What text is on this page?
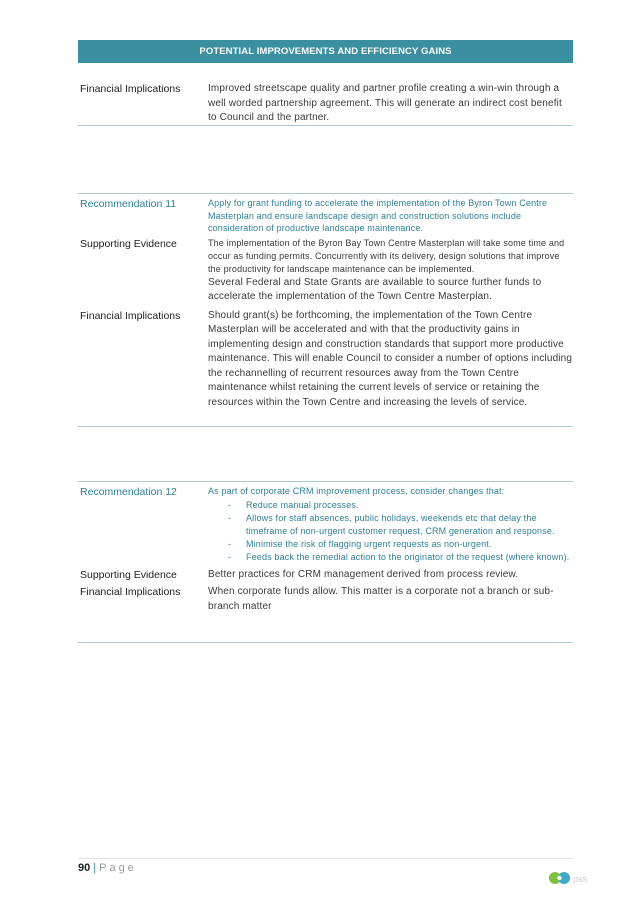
POTENTIAL IMPROVEMENTS AND EFFICIENCY GAINS
Financial Implications	Improved streetscape quality and partner profile creating a win-win through a well worded partnership agreement. This will generate an indirect cost benefit to Council and the partner.
Recommendation 11	Apply for grant funding to accelerate the implementation of the Byron Town Centre Masterplan and ensure landscape design and construction solutions include consideration of productive landscape maintenance.
Supporting Evidence	The implementation of the Byron Bay Town Centre Masterplan will take some time and occur as funding permits. Concurrently with its delivery, design solutions that improve the productivity for landscape maintenance can be implemented.
Several Federal and State Grants are available to source further funds to accelerate the implementation of the Town Centre Masterplan.
Financial Implications	Should grant(s) be forthcoming, the implementation of the Town Centre Masterplan will be accelerated and with that the productivity gains in implementing design and construction standards that support more productive maintenance. This will enable Council to consider a number of options including the rechannelling of recurrent resources away from the Town Centre maintenance whilst retaining the current levels of service or retaining the resources within the Town Centre and increasing the levels of service.
Recommendation 12	As part of corporate CRM improvement process, consider changes that:
- Reduce manual processes.
- Allows for staff absences, public holidays, weekends etc that delay the timeframe of non-urgent customer request, CRM generation and response.
- Minimise the risk of flagging urgent requests as non-urgent.
- Feeds back the remedial action to the originator of the request (where known).
Supporting Evidence	Better practices for CRM management derived from process review.
Financial Implications	When corporate funds allow. This matter is a corporate not a branch or sub-branch matter
90 | Page
pss
